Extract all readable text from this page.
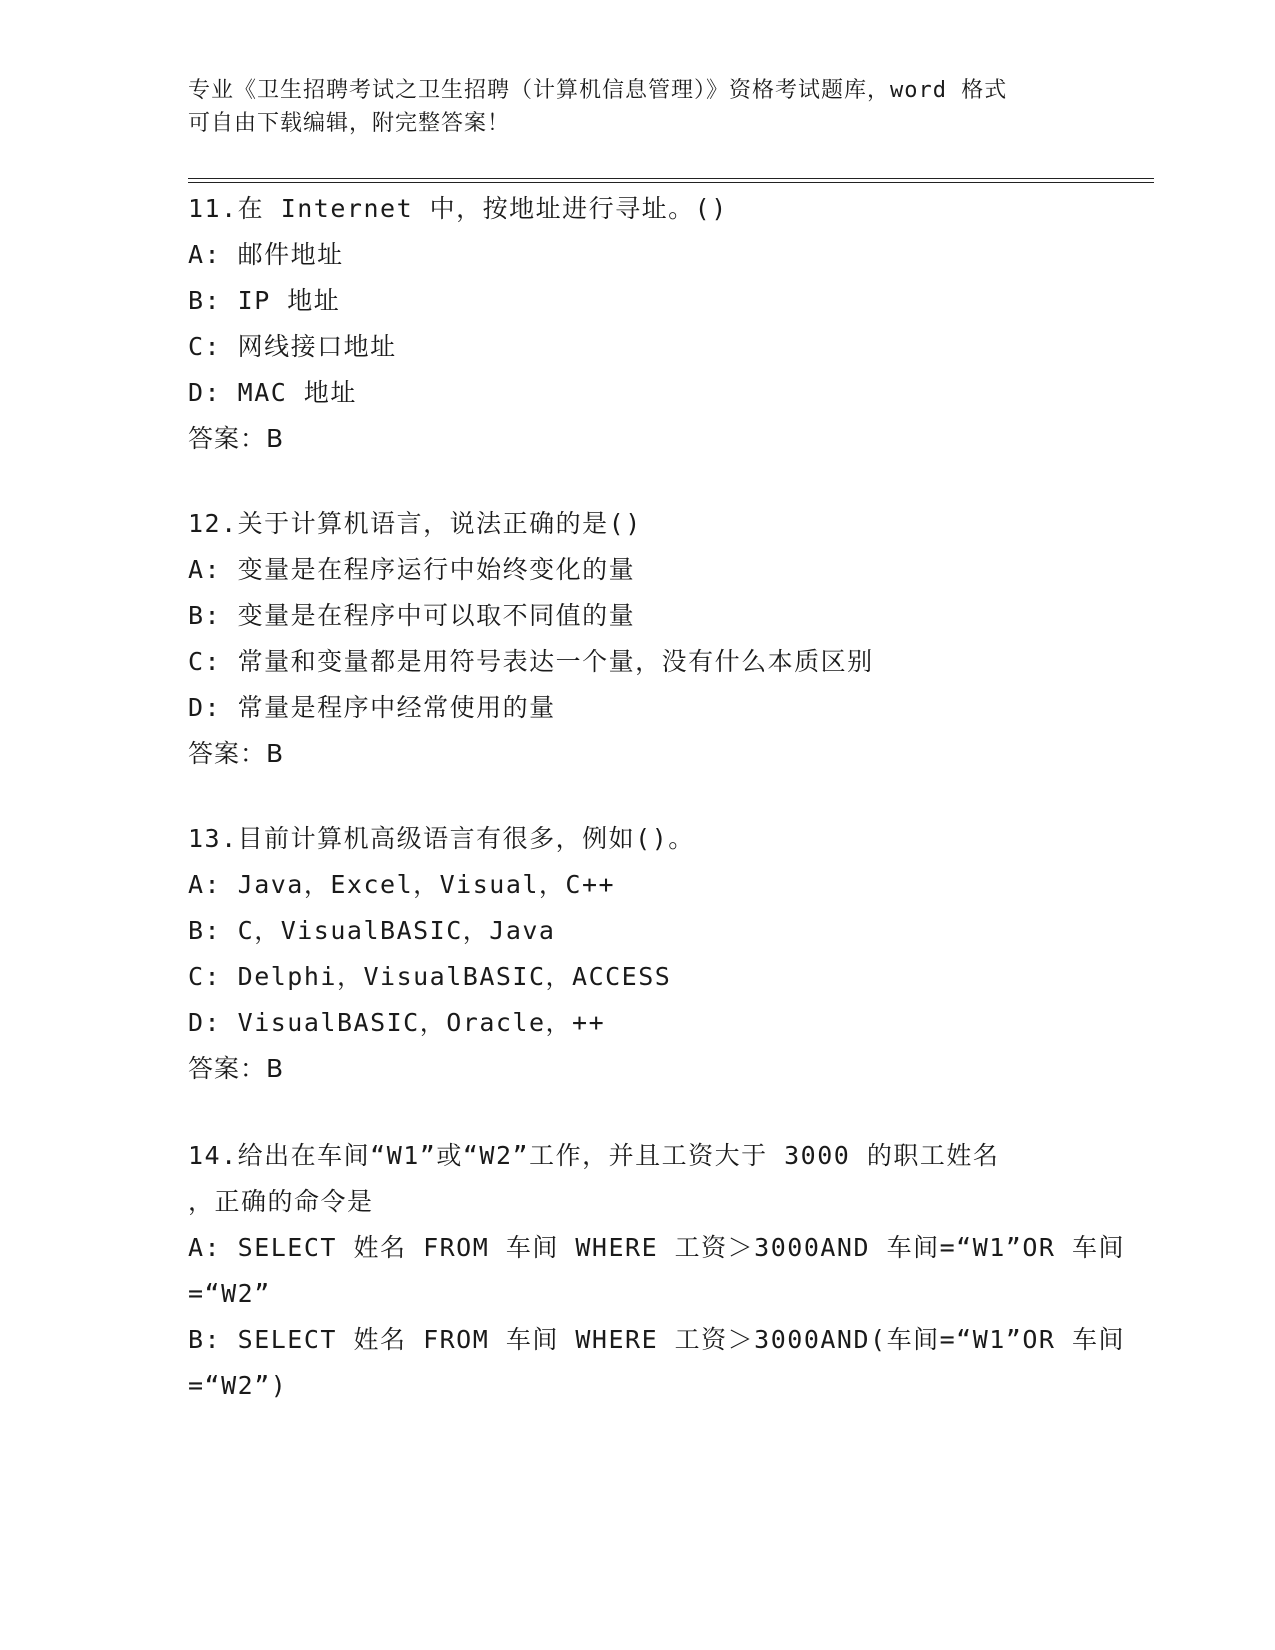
专业《卫生招聘考试之卫生招聘（计算机信息管理）》资格考试题库，word 格式
可自由下载编辑，附完整答案！
11.在 Internet 中，按地址进行寻址。()
A: 邮件地址
B: IP 地址
C: 网线接口地址
D: MAC 地址
答案：B
12.关于计算机语言，说法正确的是()
A: 变量是在程序运行中始终变化的量
B: 变量是在程序中可以取不同值的量
C: 常量和变量都是用符号表达一个量，没有什么本质区别
D: 常量是程序中经常使用的量
答案：B
13.目前计算机高级语言有很多，例如()。
A: Java，Excel，Visual，C++
B: C，VisualBASIC，Java
C: Delphi，VisualBASIC，ACCESS
D: VisualBASIC，Oracle，++
答案：B
14.给出在车间“W1”或“W2”工作，并且工资大于 3000 的职工姓名
，正确的命令是
A: SELECT 姓名 FROM 车间 WHERE 工资＞3000AND 车间=“W1”OR 车间
=“W2”
B: SELECT 姓名 FROM 车间 WHERE 工资＞3000AND(车间=“W1”OR 车间
=“W2”)
